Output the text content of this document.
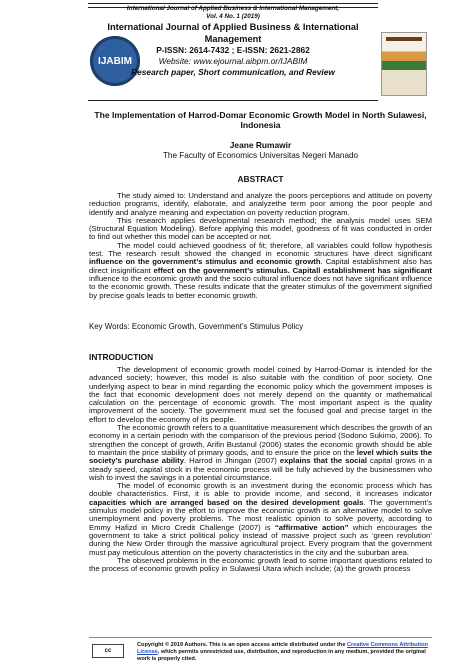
IJABIM
International Journal of Applied Business & International Management,
Vol. 4 No. 1 (2019)
International Journal of Applied Business & International
Management
P-ISSN: 2614-7432 ; E-ISSN: 2621-2862
Website: www.ejournal.aibpm.or/IJABIM
Research paper, Short communication, and Review
The Implementation of Harrod-Domar Economic Growth Model in North Sulawesi,
Indonesia
Jeane Rumawir
The Faculty of Economics Universitas Negeri Manado
ABSTRACT

The study aimed to: Understand and analyze the poors perceptions and attitude on poverty reduction programs, identify, elaborate, and analyzethe term poor among the poor people and identify and analyze meaning and expectation on poverty reduction program.

This research applies developmental research method; the analysis model uses SEM (Structural Equation Modeling). Before applying this model, goodness of fit was conducted in order to find out whether this model can be accepted or not.

The model could achieved goodness of fit; therefore, all variables could follow hypothesis test. The research result showed the changed in economic structures have direct significant influence on the government’s stimulus and economic growth. Capital establishment also has direct insignificant effect on the government’s stimulus. Capitall establishment has significant influence to the economic growth and the socio cultural influence does not have significant influence to the economic growth. These results indicate that the greater stimulus of the government signified by precise goals leads to better economic growth.

Key Words: Economic Growth, Government’s Stimulus Policy
INTRODUCTION

The development of economic growth model coined by Harrod-Domar is intended for the advanced society; however, this model is also suitable with the condition of poor society. One underlying aspect to bear in mind regarding the economic policy which the government imposes is the fact that economic development does not merely depend on the quantity or mathematical calculation on the percentage of economic growth. The most important aspect is the quality improvement of the society. The government must set the focused goal and precise target in the effort to develop the economy of its people.

The economic growth refers to a quantitative measurement which describes the growth of an economy in a certain periodn with the comparison of the previous period (Sodono Sukirno, 2006). To strengthen the concept of growth, Arifin Bustanul (2006) states the economic growth should be able to maintain the price stability of primary goods, and to ensure the price on the level which suits the society’s purchase ability. Harrod in Jhingan (2007) explains that the social capital grows in a steady speed, capital stock in the economic process will be fully achieved by the businessmen who wish to invest the savings in a potential circumstance.

The model of economic growth is an investment during the economic process which has double characteristics. First, it is able to provide income, and second, it increases indicator capacities which are arranged based on the desired development goals. The government’s stimulus model policy in the effort to improve the economic growth is an alternative model to solve unemployment and poverty problems. The most realistic opinion to solve poverty, according to Emmy Hafizd in Micro Credit Challenge (2007) is “affirmative action” which encourages the government to take a strict political policy instead of massive project such as ‘green revolution’ during the New Order through the massive agricultural project. Every program that the government must pay meticulous attention on the poverty characteristics in the city and the suburban area.

The observed problems in the economic growth lead to some important questions related to the process of economic growth policy in Sulawesi Utara which include; (a) the growth process

cc
Copyright © 2019 Authors. This is an open access article distributed under the Creative Commons Attribution License, which permits unrestricted use, distribution, and reproduction in any medium, provided the original work is properly cited.
